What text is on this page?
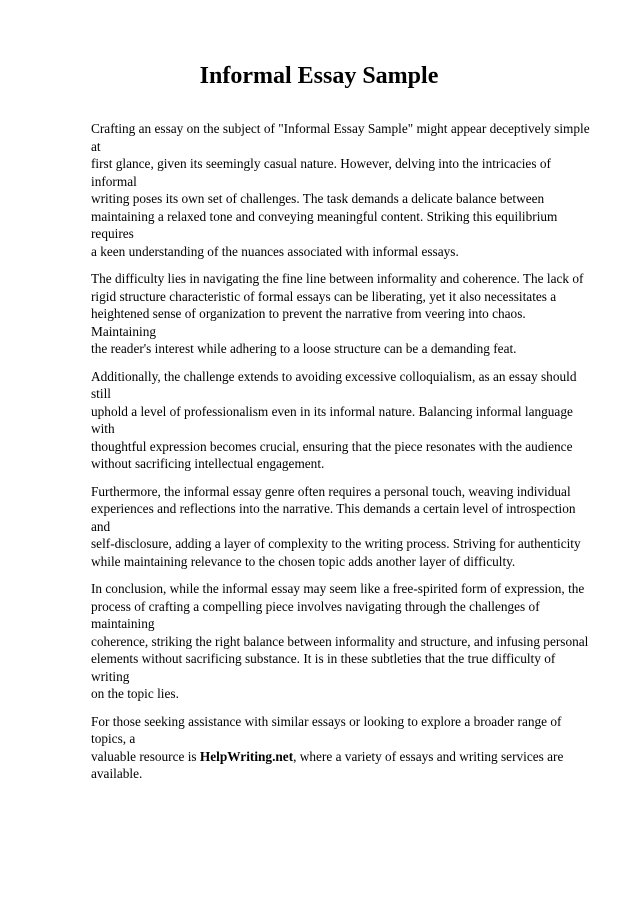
Informal Essay Sample

Crafting an essay on the subject of "Informal Essay Sample" might appear deceptively simple at
first glance, given its seemingly casual nature. However, delving into the intricacies of informal
writing poses its own set of challenges. The task demands a delicate balance between
maintaining a relaxed tone and conveying meaningful content. Striking this equilibrium requires
a keen understanding of the nuances associated with informal essays.

The difficulty lies in navigating the fine line between informality and coherence. The lack of
rigid structure characteristic of formal essays can be liberating, yet it also necessitates a
heightened sense of organization to prevent the narrative from veering into chaos. Maintaining
the reader's interest while adhering to a loose structure can be a demanding feat.

Additionally, the challenge extends to avoiding excessive colloquialism, as an essay should still
uphold a level of professionalism even in its informal nature. Balancing informal language with
thoughtful expression becomes crucial, ensuring that the piece resonates with the audience
without sacrificing intellectual engagement.

Furthermore, the informal essay genre often requires a personal touch, weaving individual
experiences and reflections into the narrative. This demands a certain level of introspection and
self-disclosure, adding a layer of complexity to the writing process. Striving for authenticity
while maintaining relevance to the chosen topic adds another layer of difficulty.

In conclusion, while the informal essay may seem like a free-spirited form of expression, the
process of crafting a compelling piece involves navigating through the challenges of maintaining
coherence, striking the right balance between informality and structure, and infusing personal
elements without sacrificing substance. It is in these subtleties that the true difficulty of writing
on the topic lies.

For those seeking assistance with similar essays or looking to explore a broader range of topics, a
valuable resource is HelpWriting.net, where a variety of essays and writing services are
available.
